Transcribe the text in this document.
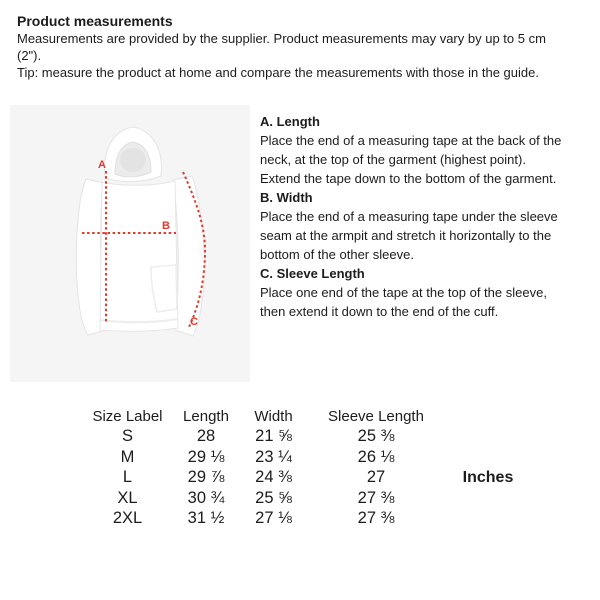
Product measurements
Measurements are provided by the supplier. Product measurements may vary by up to 5 cm
(2").
Tip: measure the product at home and compare the measurements with those in the guide.
A
B
C
A. Length
Place the end of a measuring tape at the back of the
neck, at the top of the garment (highest point).
Extend the tape down to the bottom of the garment.
B. Width
Place the end of a measuring tape under the sleeve
seam at the armpit and stretch it horizontally to the
bottom of the other sleeve.
C. Sleeve Length
Place one end of the tape at the top of the sleeve,
then extend it down to the end of the cuff.
Size Label	Length	Width	Sleeve Length
S	28	21 ⅝	25 ⅜
M	29 ⅛	23 ¼	26 ⅛
L	29 ⅞	24 ⅜	27
XL	30 ¾	25 ⅝	27 ⅜
2XL	31 ½	27 ⅛	27 ⅜
Inches
